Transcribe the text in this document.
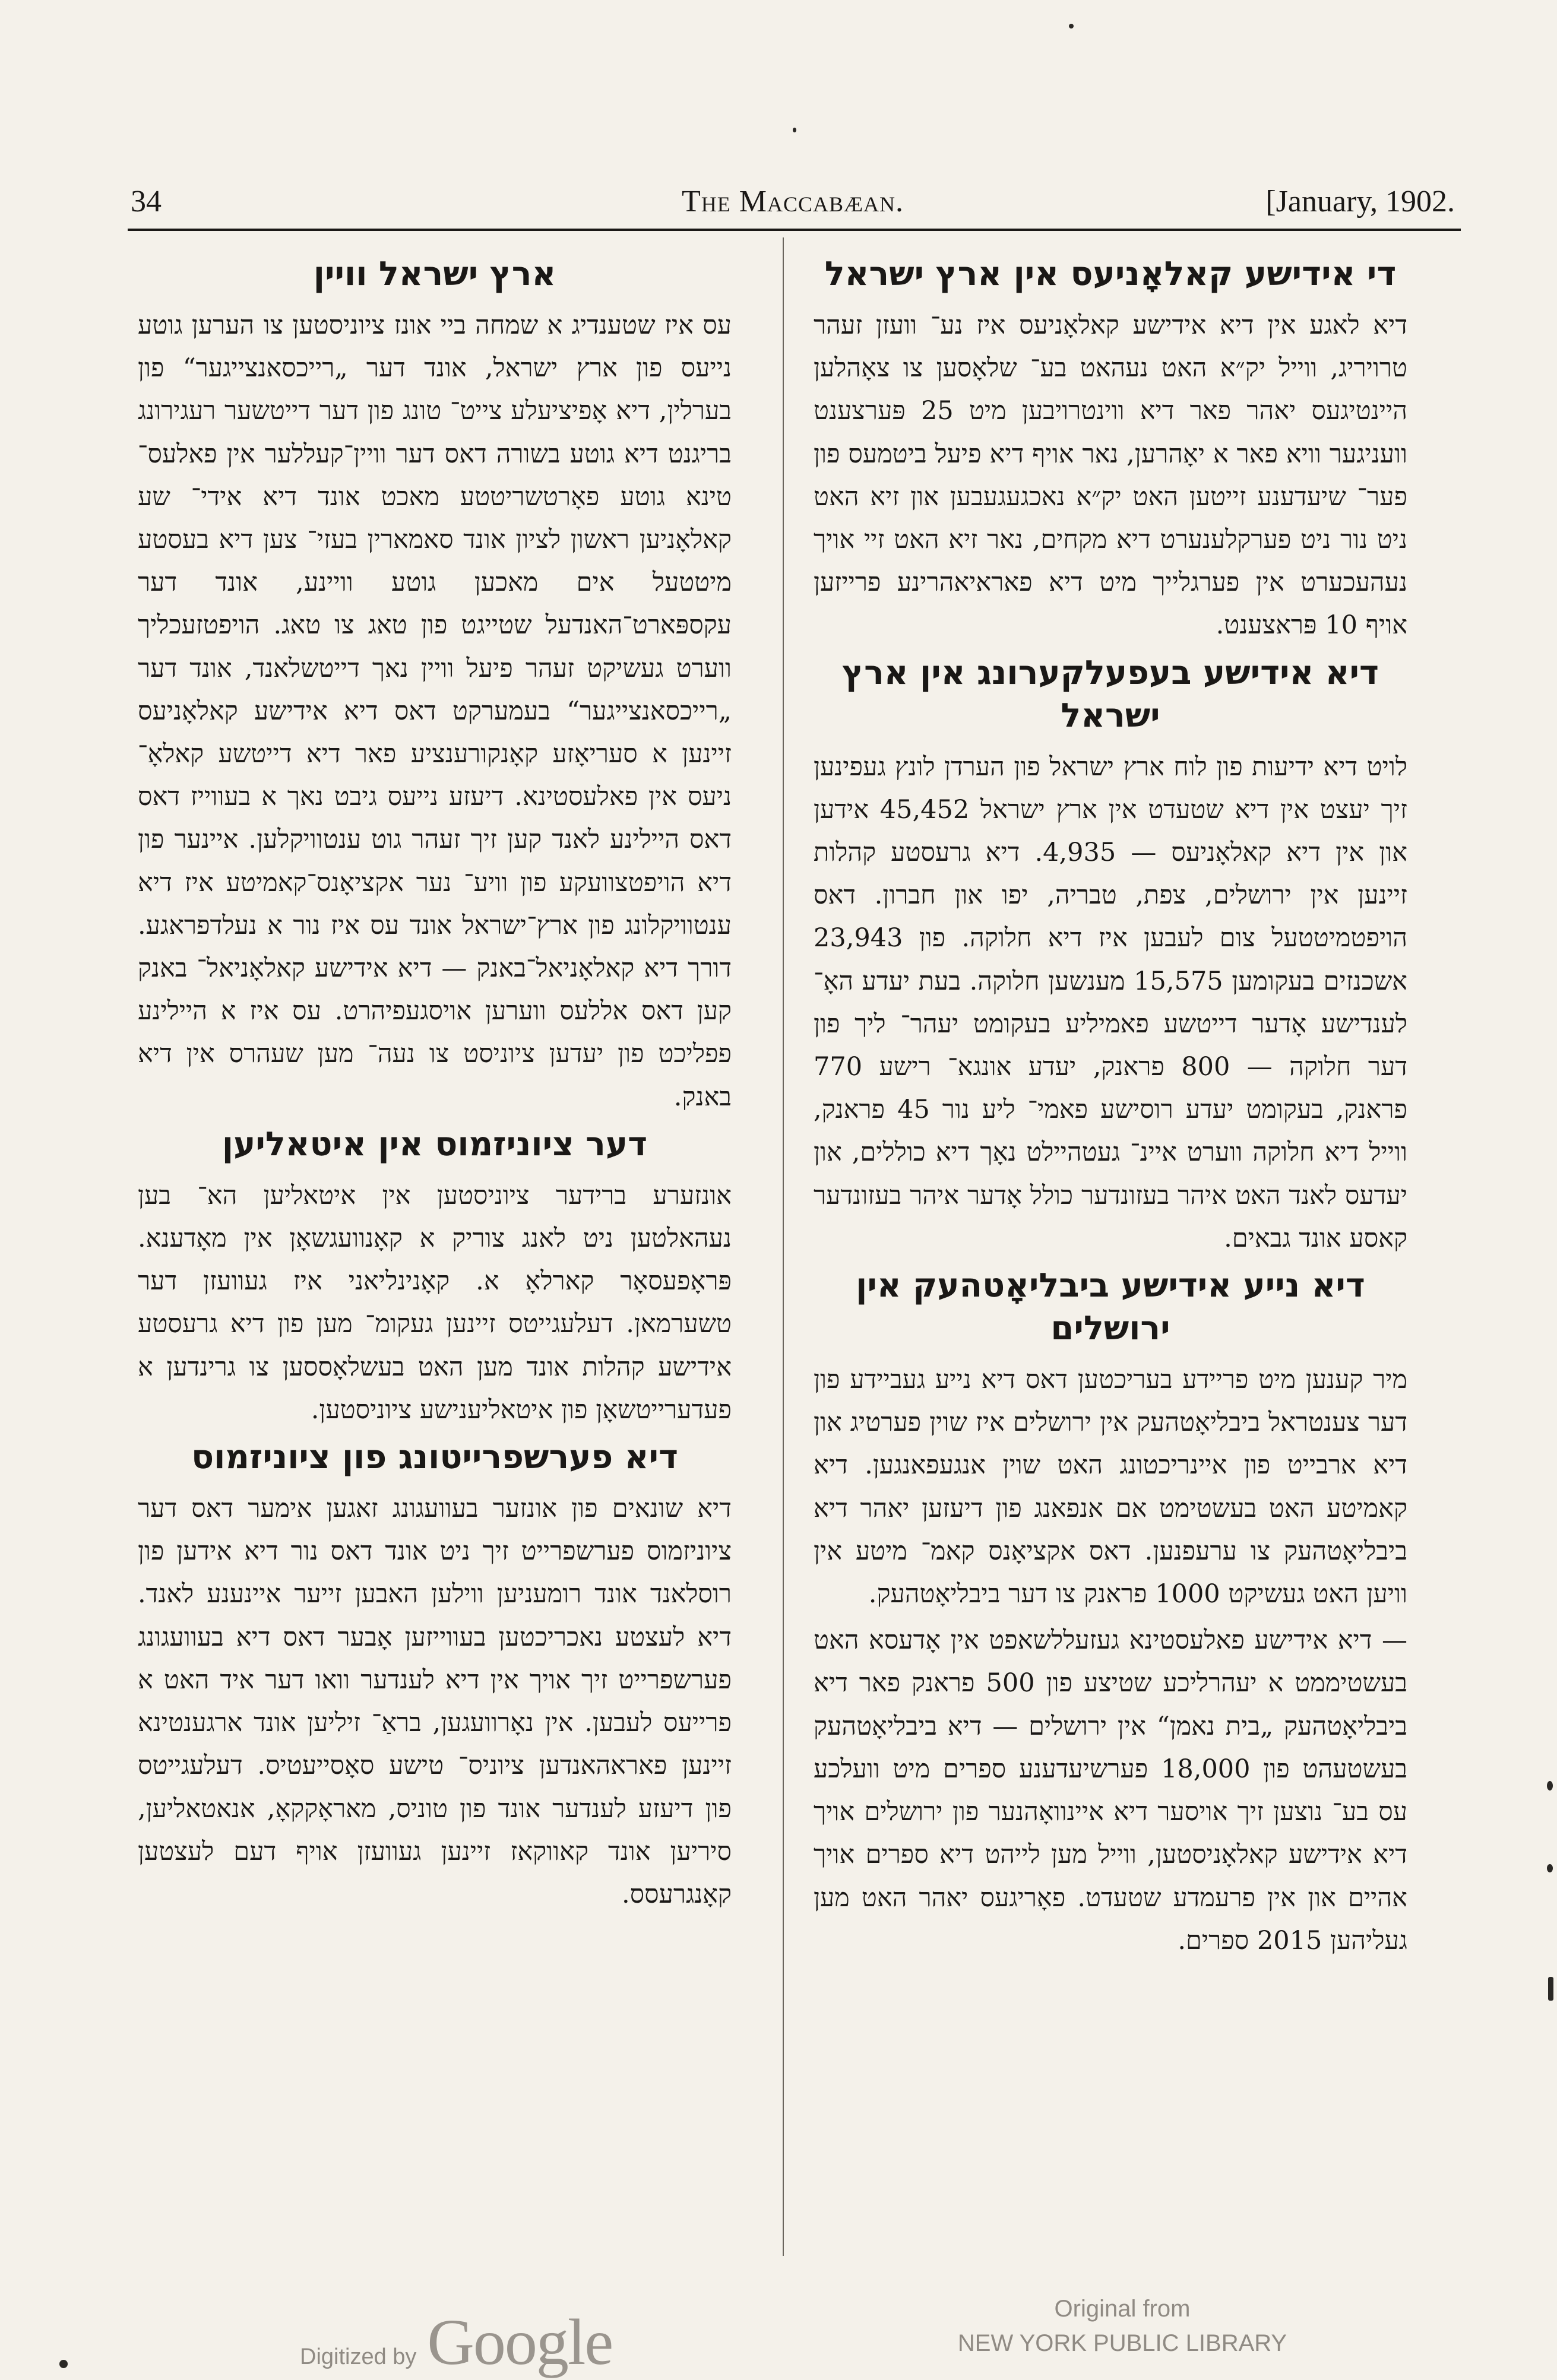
34	The Maccabæan.	[January, 1902.
די אידישע קאלאָניעס אין ארץ ישראל

דיא לאגע אין דיא אידישע קאלאָניעס איז נע־ וועזן זעהר טרויריג, ווייל יק״א האט נעהאט בע־ שלאָסען צו צאָהלען היינטיגעס יאהר פאר דיא ווינטרויבען מיט 25 פּערצענט וועניגער וויא פאר א יאָהרען, נאר אויף דיא פיעל ביטמעס פון פער־ שיעדענע זייטען האט יק״א נאכגעגעבען און זיא האט ניט נור ניט פערקלענערט דיא מקחים, נאר זיא האט זיי אויך נעהעכערט אין פערגלייך מיט דיא פאראיאהרינע פרייזען אויף 10 פּראצענט.

דיא אידישע בעפעלקערונג אין ארץ ישראל

לויט דיא ידיעות פון לוח ארץ ישראל פון הערדן לונץ געפינען זיך יעצט אין דיא שטעדט אין ארץ ישראל 45,452 אידען און אין דיא קאלאָניעס — 4,935. דיא גרעסטע קהלות זיינען אין ירושלים, צפת, טבריה, יפו און חברון. דאס הויפטמיטטעל צום לעבען איז דיא חלוקה. פון 23,943 אשכנזים בעקומען 15,575 מענשען חלוקה. בעת יעדע האָ־ לענדישע אָדער דייטשע פאמיליע בעקומט יעהר־ ליך פון דער חלוקה — 800 פראנק, יעדע אונגא־ רישע 770 פראנק, בעקומט יעדע רוסישע פאמי־ ליע נור 45 פראנק, ווייל דיא חלוקה ווערט איינ־ געטהיילט נאָך דיא כוללים, און יעדעס לאנד האט איהר בעזונדער כולל אָדער איהר בעזונדער קאסע אונד גבאים.

דיא נייע אידישע ביבליאָטהעק אין ירושלים

מיר קענען מיט פריידע בעריכטען דאס דיא נייע געביידע פון דער צענטראל ביבליאָטהעק אין ירושלים איז שוין פערטיג און דיא ארבייט פון איינריכטונג האט שוין אנגעפאנגען. דיא קאמיטע האט בעשטימט אם אנפאנג פון דיעזען יאהר דיא ביבליאָטהעק צו ערעפנען. דאס אקציאָנס קאמ־ מיטע אין וויען האט געשיקט 1000 פראנק צו דער ביבליאָטהעק.

— דיא אידישע פאלעסטינא געזעללשאפט אין אָדעסא האט בעשטיממט א יעהרליכע שטיצע פון 500 פראנק פאר דיא ביבליאָטהעק „בית נאמן“ אין ירושלים — דיא ביבליאָטהעק בעשטעהט פון 18,000 פערשיעדענע ספרים מיט וועלכע עס בע־ נוצען זיך אויסער דיא איינוואָהנער פון ירושלים אויך דיא אידישע קאלאָניסטען, ווייל מען לייהט דיא ספרים אויך אהיים און אין פרעמדע שטעדט. פאָריגעס יאהר האט מען געליהען 2015 ספרים.

ארץ ישראל וויין

עס איז שטענדיג א שמחה ביי אונז ציוניסטען צו הערען גוטע נייעס פון ארץ ישראל, אונד דער „רייכסאנצייגער“ פון בערלין, דיא אָפיציעלע צייט־ טונג פון דער דייטשער רעגירונג בריגנט דיא גוטע בשורה דאס דער וויין־קעללער אין פאלעס־ טינא גוטע פאָרטשריטטע מאכט אונד דיא אידי־ שע קאלאָניען ראשון לציון אונד סאמארין בעזי־ צען דיא בעסטע מיטטעל אים מאכען גוטע וויינע, אונד דער עקספּארט־האנדעל שטייגט פון טאג צו טאג. הויפטזעכליך ווערט געשיקט זעהר פיעל וויין נאך דייטשלאנד, אונד דער „רייכסאנצייגער“ בעמערקט דאס דיא אידישע קאלאָניעס זיינען א סעריאָזע קאָנקורענציע פאר דיא דייטשע קאלאָ־ ניעס אין פאלעסטינא. דיעזע נייעס גיבט נאך א בעווייז דאס דאס היילינע לאנד קען זיך זעהר גוט ענטוויקלען. איינער פון דיא הויפטצוועקע פון וויע־ נער אקציאָנס־קאמיטע איז דיא ענטוויקלונג פון ארץ־ישראל אונד עס איז נור א נעלדפראגע. דורך דיא קאלאָניאל־באנק — דיא אידישע קאלאָניאל־ באנק קען דאס אללעס ווערען אויסגעפיהרט. עס איז א היילינע פפליכט פון יעדען ציוניסט צו נעה־ מען שעהרס אין דיא באנק.

דער ציוניזמוס אין איטאליען

אונזערע ברידער ציוניסטען אין איטאליען הא־ בען נעהאלטען ניט לאנג צוריק א קאָנוועגשאָן אין מאָדענא. פּראָפעסאָר קארלאָ א. קאָנינליאני איז געוועזן דער טשערמאן. דעלעגייטס זיינען געקומ־ מען פון דיא גרעסטע אידישע קהלות אונד מען האט בעשלאָססען צו גרינדען א פעדערייטשאָן פון איטאליענישע ציוניסטען.

דיא פערשפרייטונג פון ציוניזמוס

דיא שונאים פון אונזער בעוועגונג זאגען אימער דאס דער ציוניזמוס פערשפרייט זיך ניט אונד דאס נור דיא אידען פון רוסלאנד אונד רומעניען ווילען האבען זייער איינענע לאנד. דיא לעצטע נאכריכטען בעווייזען אָבער דאס דיא בעוועגונג פערשפרייט זיך אויך אין דיא לענדער וואו דער איד האט א פרייעס לעבען. אין נאָרוועגען, בראַ־ זיליען אונד ארגענטינא זיינען פאראהאנדען ציוניס־ טישע סאָסייעטיס. דעלעגייטס פון דיעזע לענדער אונד פון טוניס, מאראָקקאָ, אנאטאליען, סיריען אונד קאווקאז זיינען געוועזן אויף דעם לעצטען קאָנגרעסס.

Digitized by Google	Original from
NEW YORK PUBLIC LIBRARY
